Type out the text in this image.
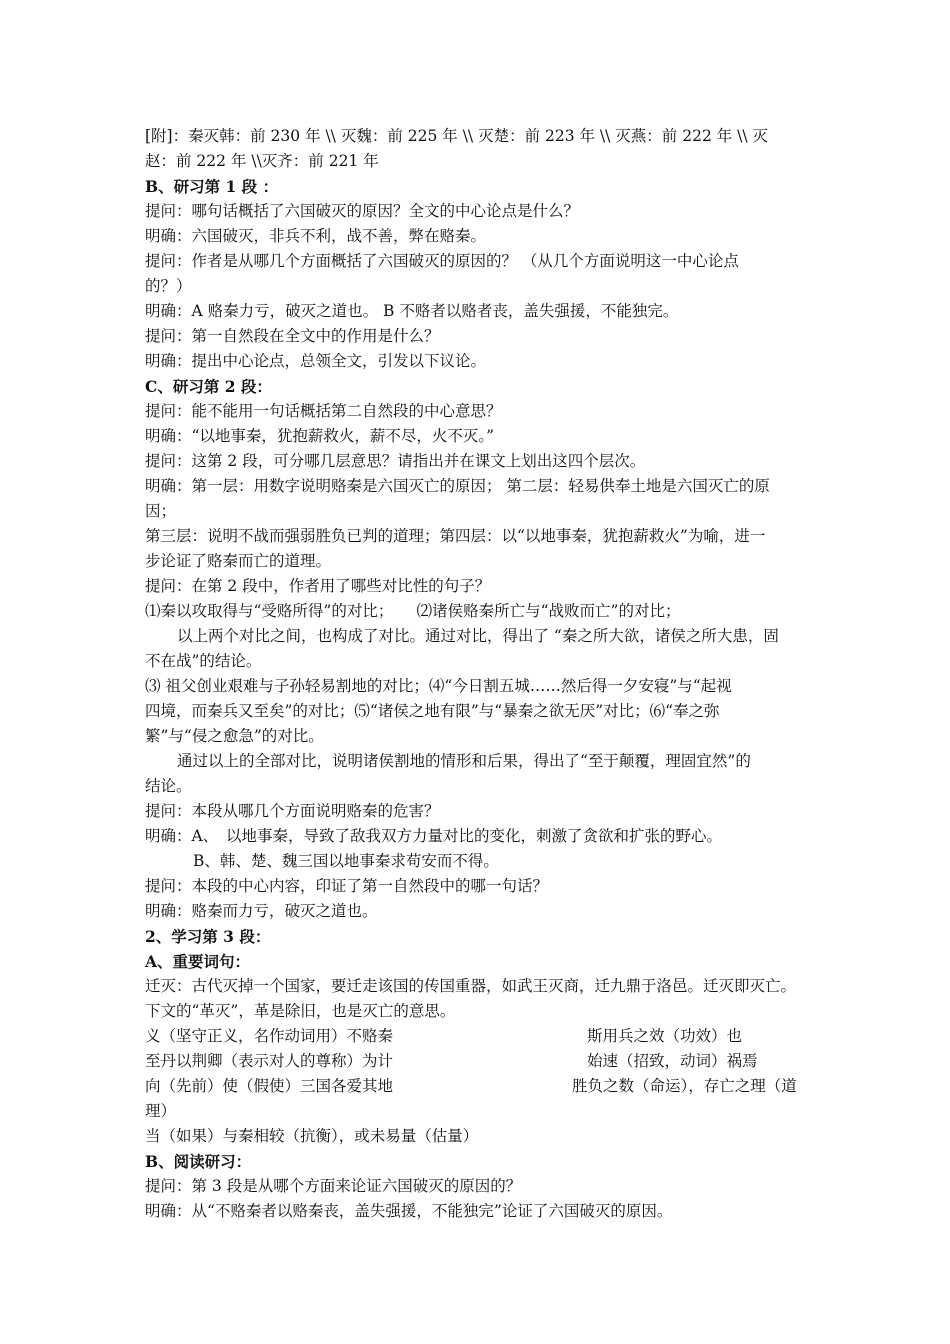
[附]：秦灭韩：前 230 年 \\ 灭魏：前 225 年 \\ 灭楚：前 223 年 \\ 灭燕：前 222 年 \\ 灭
赵：前 222 年 \\灭齐：前 221 年
B、研习第 1 段 ：
提问：哪句话概括了六国破灭的原因？全文的中心论点是什么？
明确：六国破灭，非兵不利，战不善，弊在赂秦。
提问：作者是从哪几个方面概括了六国破灭的原因的？ （从几个方面说明这一中心论点
的？）
明确：A 赂秦力亏，破灭之道也。 B 不赂者以赂者丧，盖失强援，不能独完。
提问：第一自然段在全文中的作用是什么？
明确：提出中心论点，总领全文，引发以下议论。
C、研习第 2 段：
提问：能不能用一句话概括第二自然段的中心意思？
明确：“以地事秦，犹抱薪救火，薪不尽，火不灭。”
提问：这第 2 段，可分哪几层意思？请指出并在课文上划出这四个层次。
明确：第一层：用数字说明赂秦是六国灭亡的原因； 第二层：轻易供奉土地是六国灭亡的原
因；
第三层：说明不战而强弱胜负已判的道理；第四层：以“以地事秦，犹抱薪救火”为喻，进一
步论证了赂秦而亡的道理。
提问：在第 2 段中，作者用了哪些对比性的句子？
⑴秦以攻取得与“受赂所得”的对比；　　⑵诸侯赂秦所亡与“战败而亡”的对比；
以上两个对比之间，也构成了对比。通过对比，得出了 “秦之所大欲，诸侯之所大患，固
不在战”的结论。
⑶ 祖父创业艰难与子孙轻易割地的对比；⑷“今日割五城……然后得一夕安寝”与“起视
四境，而秦兵又至矣”的对比；⑸“诸侯之地有限”与“暴秦之欲无厌”对比；⑹“奉之弥
繁”与“侵之愈急”的对比。
通过以上的全部对比，说明诸侯割地的情形和后果，得出了“至于颠覆，理固宜然”的
结论。
提问：本段从哪几个方面说明赂秦的危害？
明确：A、　以地事秦，导致了敌我双方力量对比的变化，刺激了贪欲和扩张的野心。
B、韩、楚、魏三国以地事秦求苟安而不得。
提问：本段的中心内容，印证了第一自然段中的哪一句话？
明确：赂秦而力亏，破灭之道也。
2、学习第 3 段：
A、重要词句：
迁灭：古代灭掉一个国家，要迁走该国的传国重器，如武王灭商，迁九鼎于洛邑。迁灭即灭亡。
下文的“革灭”，革是除旧，也是灭亡的意思。
义（坚守正义，名作动词用）不赂秦	斯用兵之效（功效）也
至丹以荆卿（表示对人的尊称）为计	始速（招致，动词）祸焉
向（先前）使（假使）三国各爱其地	胜负之数（命运），存亡之理（道
理）
当（如果）与秦相较（抗衡），或未易量（估量）
B、阅读研习：
提问：第 3 段是从哪个方面来论证六国破灭的原因的？
明确：从“不赂秦者以赂秦丧，盖失强援，不能独完”论证了六国破灭的原因。
